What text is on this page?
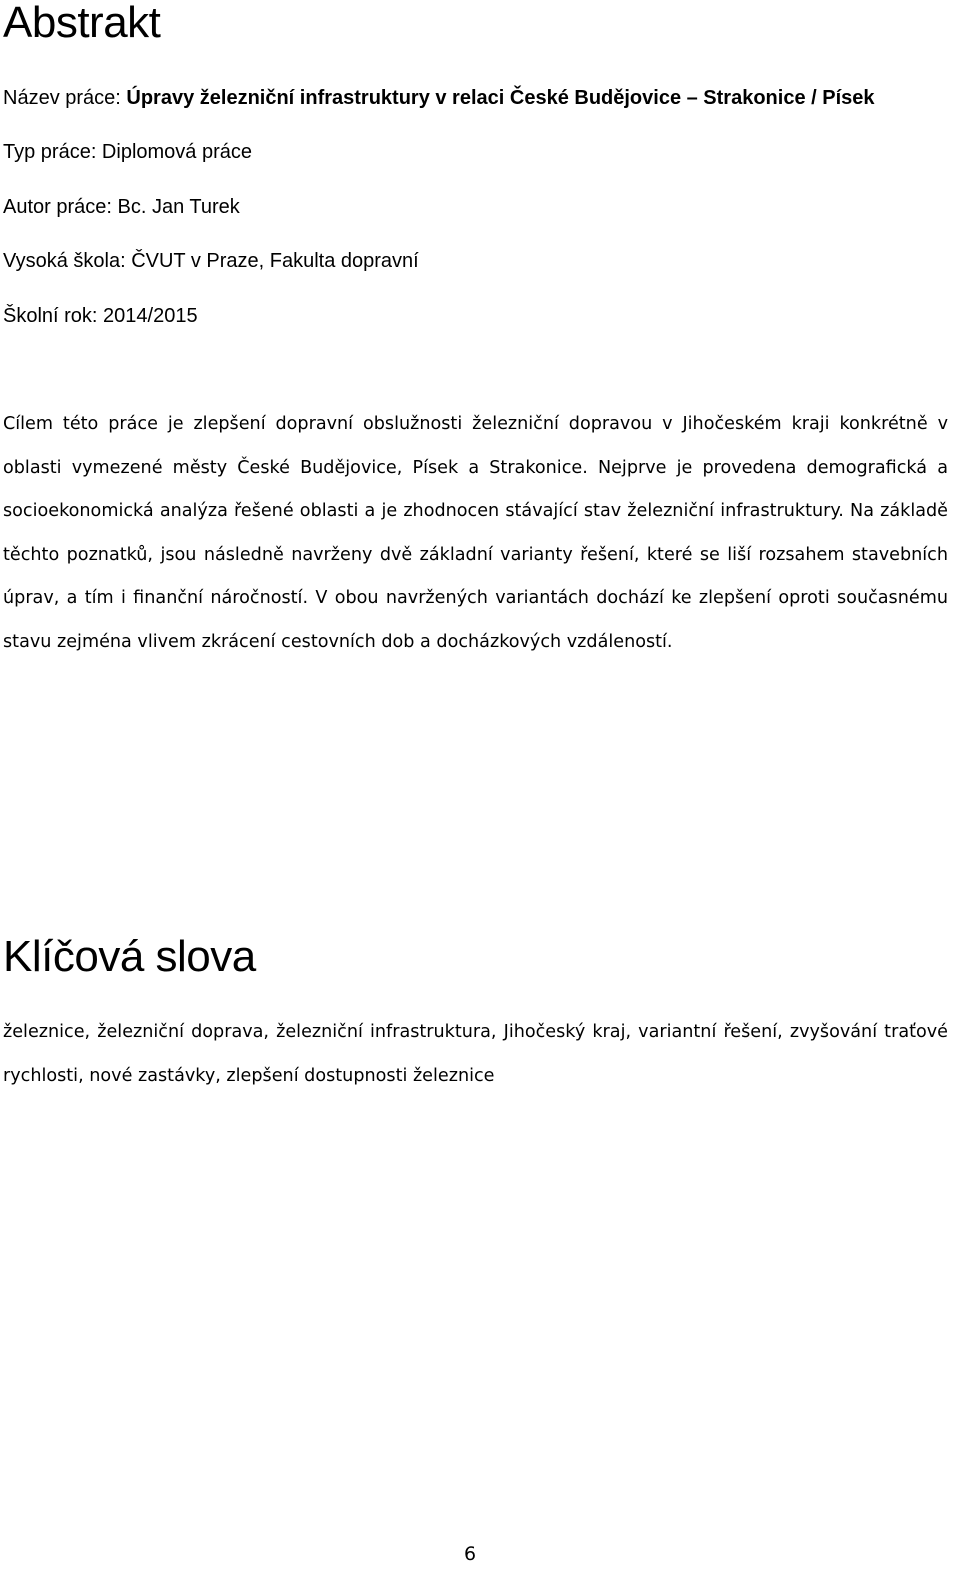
Abstrakt
Název práce: Úpravy železniční infrastruktury v relaci České Budějovice – Strakonice / Písek
Typ práce: Diplomová práce
Autor práce: Bc. Jan Turek
Vysoká škola: ČVUT v Praze, Fakulta dopravní
Školní rok: 2014/2015

Cílem této práce je zlepšení dopravní obslužnosti železniční dopravou v Jihočeském kraji konkrétně v oblasti vymezené městy České Budějovice, Písek a Strakonice. Nejprve je provedena demografická a socioekonomická analýza řešené oblasti a je zhodnocen stávající stav železniční infrastruktury. Na základě těchto poznatků, jsou následně navrženy dvě základní varianty řešení, které se liší rozsahem stavebních úprav, a tím i finanční náročností. V obou navržených variantách dochází ke zlepšení oproti současnému stavu zejména vlivem zkrácení cestovních dob a docházkových vzdáleností.

Klíčová slova

železnice, železniční doprava, železniční infrastruktura, Jihočeský kraj, variantní řešení, zvyšování traťové rychlosti, nové zastávky, zlepšení dostupnosti železnice

6
